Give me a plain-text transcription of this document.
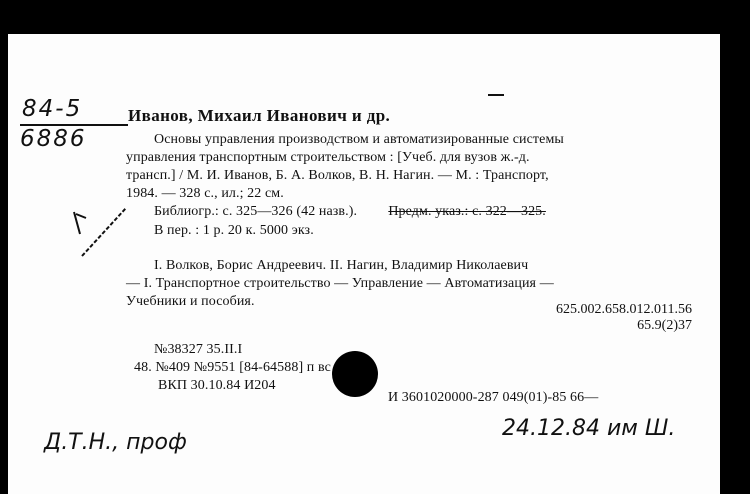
84-5
6886
Иванов, Михаил Иванович и др.
Основы управления производством и автоматизированные системы
управления транспортным строительством : [Учеб. для вузов ж.-д.
трансп.] / М. И. Иванов, Б. А. Волков, В. Н. Нагин. — М. : Транспорт,
1984. — 328 с., ил.; 22 см.
Библиогр.: с. 325—326 (42 назв.). Предм. указ.: с. 322—325.
В пер. : 1 р. 20 к. 5000 экз.
I. Волков, Борис Андреевич. II. Нагин, Владимир Николаевич
— I. Транспортное строительство — Управление — Автоматизация —
Учебники и пособия.
625.002.658.012.011.56
65.9(2)37
№38327 35.ІІ.І
48. №409 №9551 [84-64588] п вс
ВКП 30.10.84 И204
И 3601020000-287 049(01)-85 66—
Д.Т.Н., проф
24.12.84 им Ш.
